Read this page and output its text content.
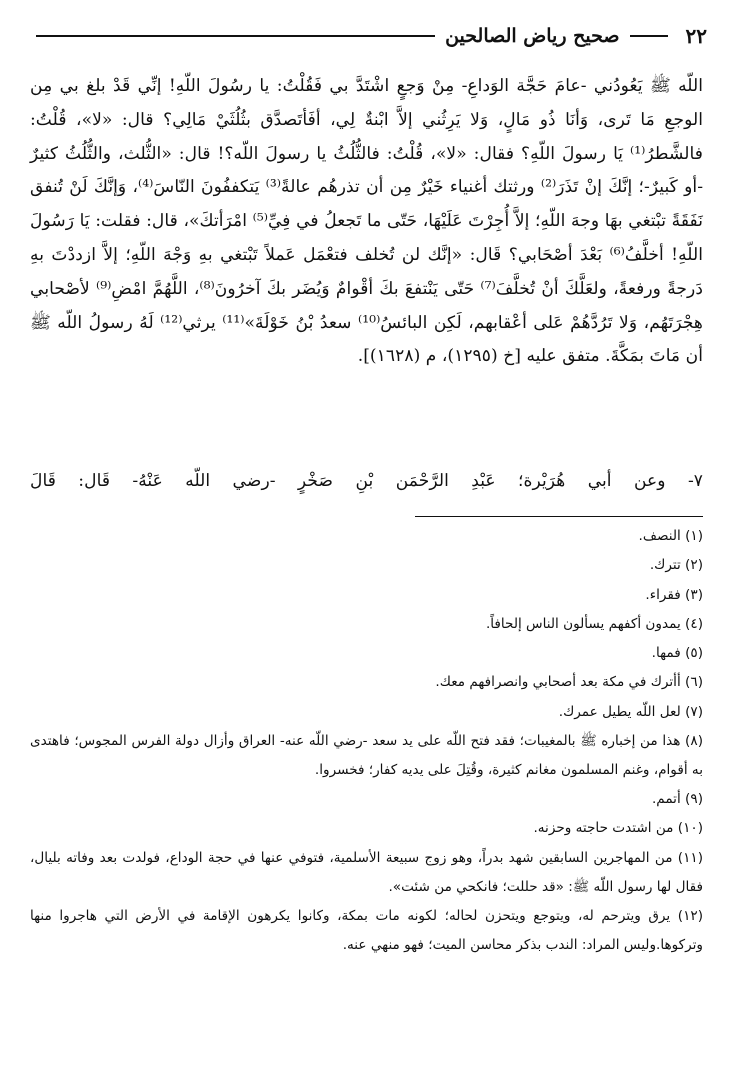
٢٢
صحيح رياض الصالحين

اللّه ﷺ يَعُودُني -عامَ حَجَّة الوَداعِ- مِنْ وَجعٍ اشْتَدَّ بي فَقُلْتُ: يا رسُولَ اللّهِ! إنِّي قَدْ بلغ بي مِن الوجعِ مَا تَرى، وَأنَا ذُو مَالٍ، وَلا يَرِثُني إلاَّ ابْنةٌ لِي، أفَأتَصدَّق بثُلُثَيْ مَالِي؟ قال: «لا»، قُلْتُ: فالشَّطرُ⁽¹⁾ يَا رسولَ اللّهِ؟ فقال: «لا»، قُلْتُ: فالثُّلُثُ يا رسولَ اللّه؟! قال: «الثُّلث، والثُّلُثُ كثيرٌ -أو كَبيرٌ-؛ إنَّكَ إنْ تَذَرَ⁽²⁾ ورثتك أغنياء خَيْرٌ مِن أن تذرهُم عالةً⁽³⁾ يَتكففُونَ النّاسَ⁽⁴⁾، وَإنَّكَ لَنْ تُنفق نَفَقَةً تبْتغي بهَا وجهَ اللّهِ؛ إلاَّ أُجِرْتَ عَلَيْهَا، حَتّى ما تَجعلُ في فِيِّ⁽⁵⁾ امْرَأتكَ»، قال: فقلت: يَا رَسُولَ اللّهِ! أخلَّفُ⁽⁶⁾ بَعْدَ أصْحَابي؟ قَال: «إنَّك لن تُخلف فتعْمَل عَملاً تَبْتغي بهِ وَجْهَ اللّهِ؛ إلاَّ ازددْتَ بهِ دَرجةً ورفعةً، ولعَلَّكَ أنْ تُخلَّفَ⁽⁷⁾ حَتّى يَنْتفعَ بكَ أقْوامٌ وَيُضَر بكَ آخرُونَ⁽⁸⁾، اللَّهُمَّ امْضِ⁽⁹⁾ لأصْحابي هِجْرَتَهُم، وَلا تَرُدَّهُمْ عَلى أعْقابهم، لَكِن البائسُ⁽¹⁰⁾ سعدُ بْنُ خَوْلَةَ»⁽¹¹⁾ يرثي⁽¹²⁾ لَهُ رسولُ اللّه ﷺ أن مَاتَ بمَكَّةَ. متفق عليه [خ (١٢٩٥)، م (١٦٢٨)].

٧- وعن أبي هُرَيْرة؛ عَبْدِ الرَّحْمَن بْنِ صَخْرٍ -رضي اللّه عَنْهُ- قَال: قَالَ

(١) النصف.

(٢) تترك.

(٣) فقراء.

(٤) يمدون أكفهم يسألون الناس إلحافاً.

(٥) فمها.

(٦) أأترك في مكة بعد أصحابي وانصرافهم معك.

(٧) لعل اللّه يطيل عمرك.

(٨) هذا من إخباره ﷺ بالمغيبات؛ فقد فتح اللّه على يد سعد -رضي اللّه عنه- العراق وأزال دولة الفرس المجوس؛ فاهتدى به أقوام، وغنم المسلمون مغانم كثيرة، وقُتِلَ على يديه كفار؛ فخسروا.

(٩) أتمم.

(١٠) من اشتدت حاجته وحزنه.

(١١) من المهاجرين السابقين شهد بدراً، وهو زوج سبيعة الأسلمية، فتوفي عنها في حجة الوداع، فولدت بعد وفاته بليال، فقال لها رسول اللّه ﷺ: «قد حللت؛ فانكحي من شئت».

(١٢) يرق ويترحم له، ويتوجع ويتحزن لحاله؛ لكونه مات بمكة، وكانوا يكرهون الإقامة في الأرض التي هاجروا منها وتركوها.وليس المراد: الندب بذكر محاسن الميت؛ فهو منهي عنه.
